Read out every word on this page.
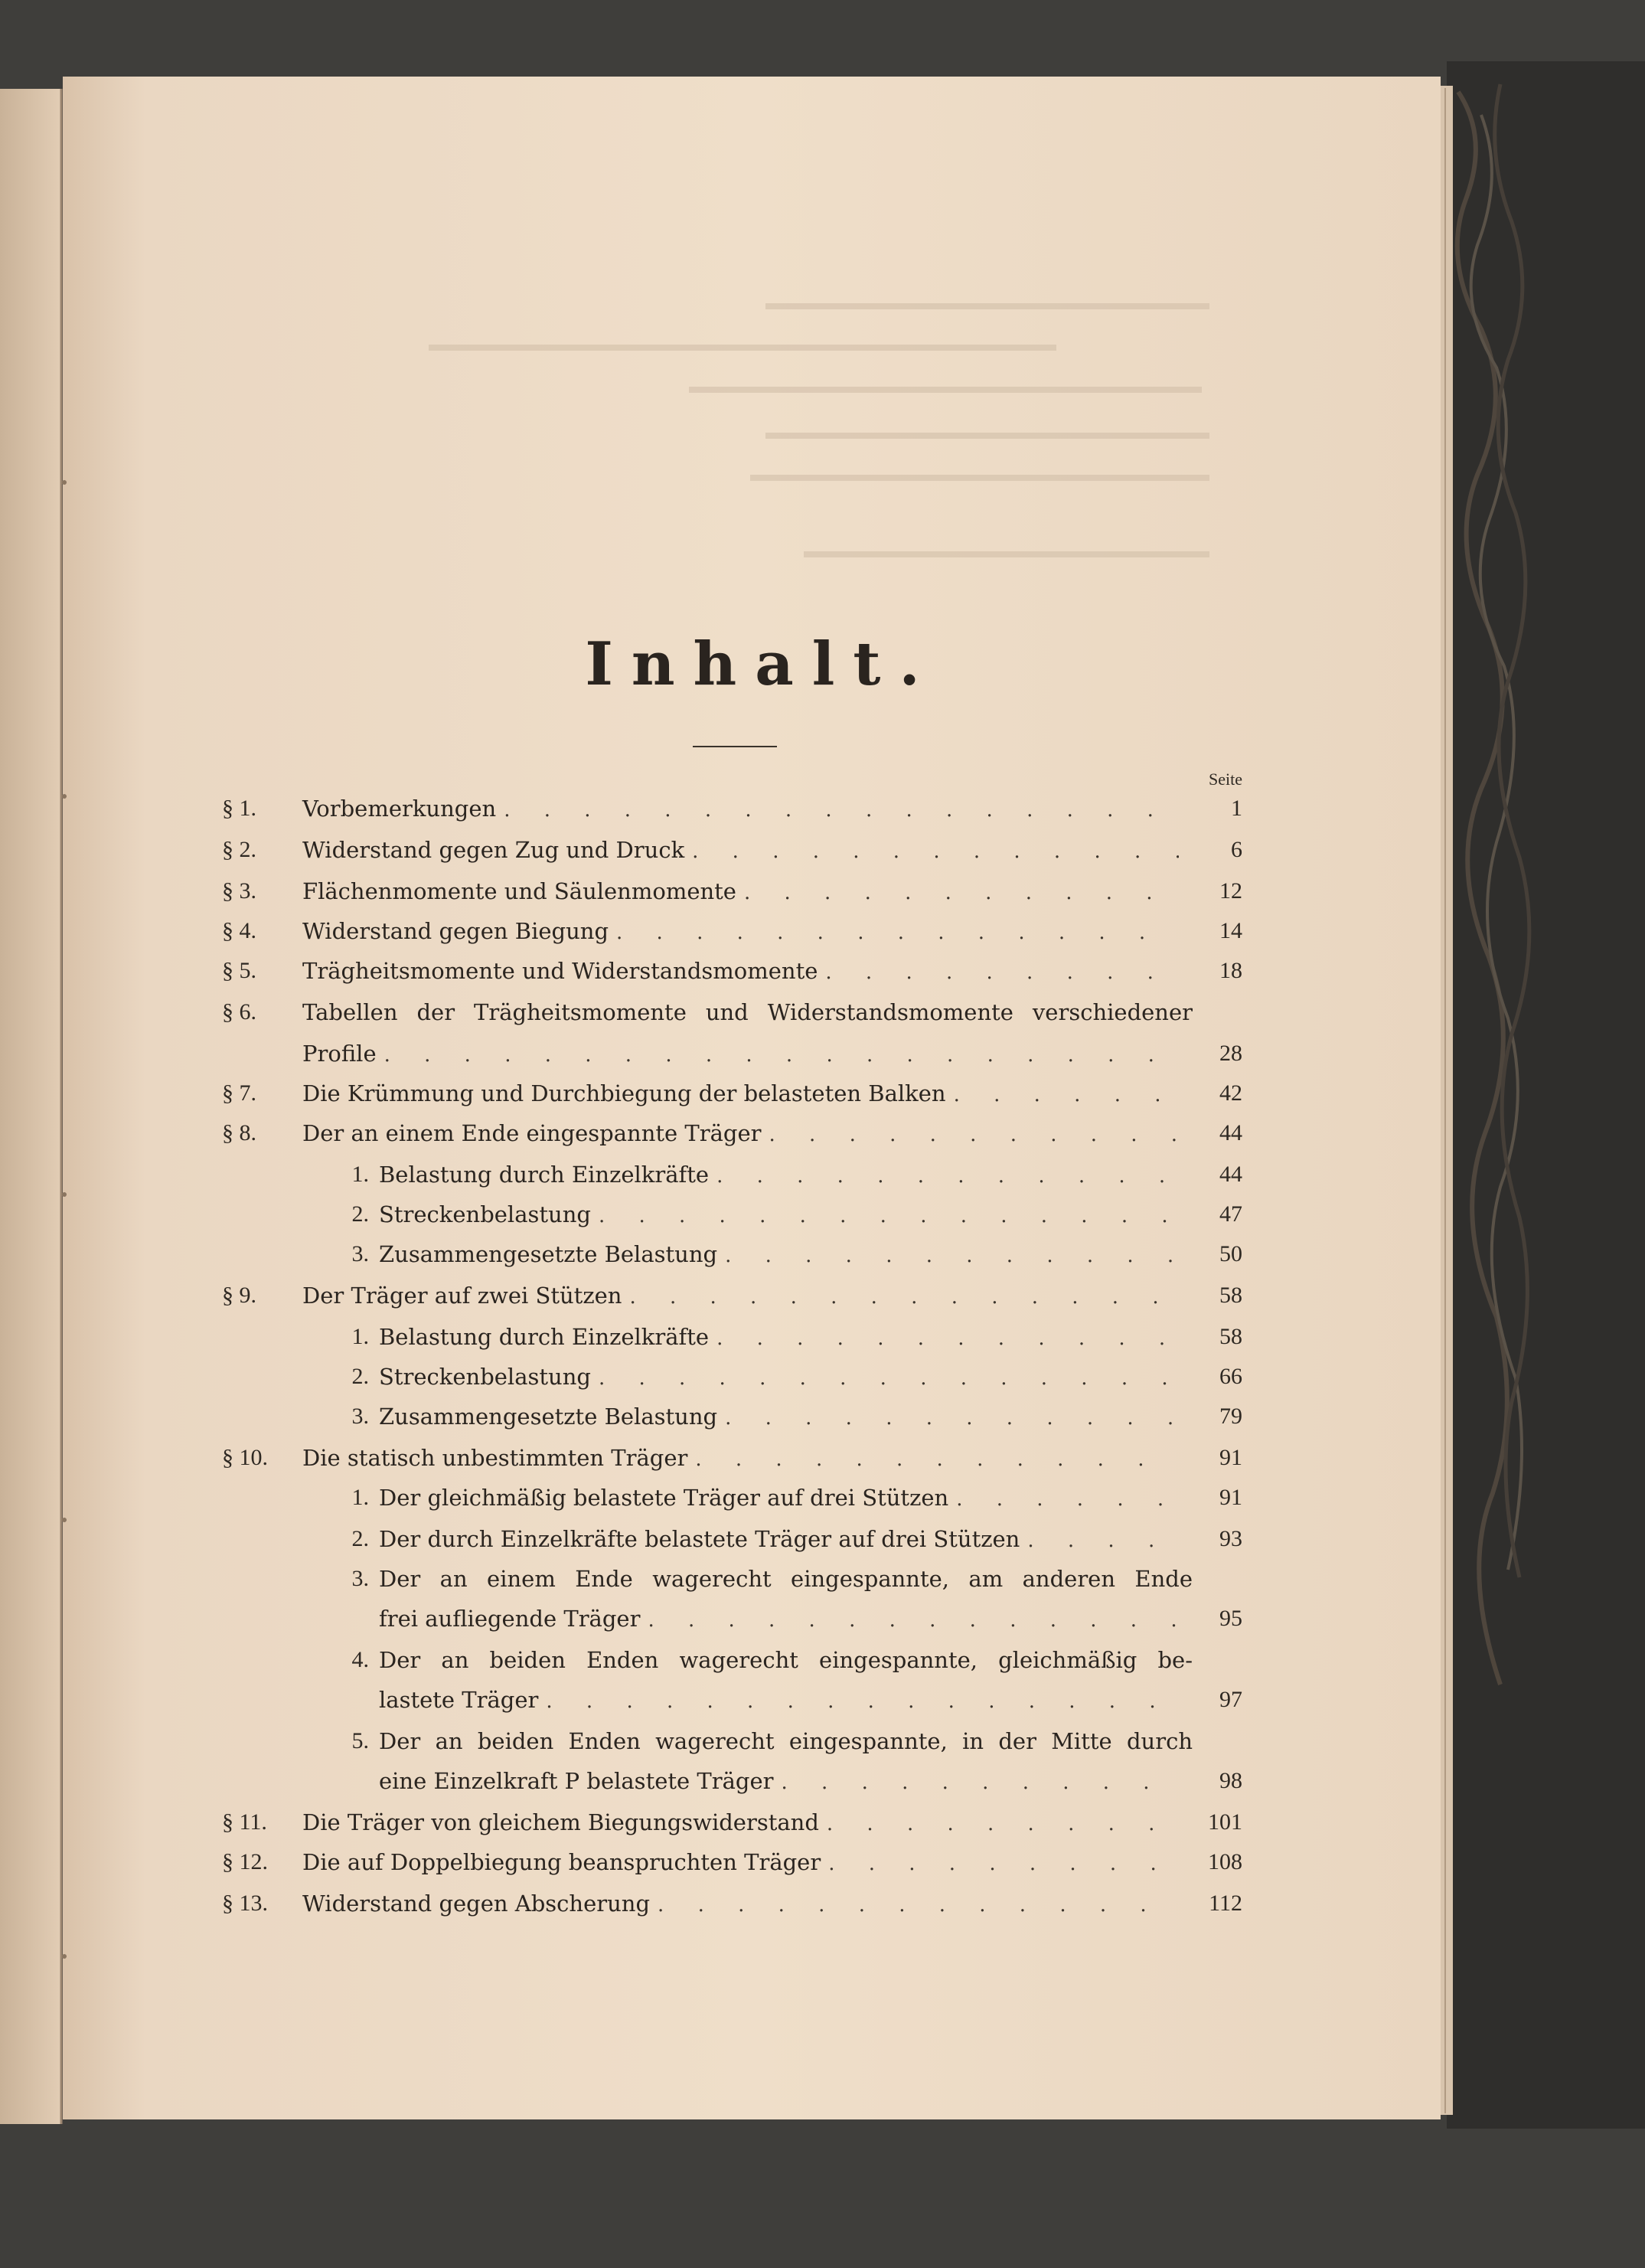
Inhalt.
Seite
§ 1.	Vorbemerkungen . . .	1
§ 2.	Widerstand gegen Zug und Druck . . .	6
§ 3.	Flächenmomente und Säulenmomente . . .	12
§ 4.	Widerstand gegen Biegung . . .	14
§ 5.	Trägheitsmomente und Widerstandsmomente . . .	18
§ 6.	Tabellen der Trägheitsmomente und Widerstandsmomente verschiedener
Profile . . .	28
§ 7.	Die Krümmung und Durchbiegung der belasteten Balken . . .	42
§ 8.	Der an einem Ende eingespannte Träger . . .	44
1. Belastung durch Einzelkräfte . . .	44
2. Streckenbelastung . . .	47
3. Zusammengesetzte Belastung . . .	50
§ 9.	Der Träger auf zwei Stützen . . .	58
1. Belastung durch Einzelkräfte . . .	58
2. Streckenbelastung . . .	66
3. Zusammengesetzte Belastung . . .	79
§ 10.	Die statisch unbestimmten Träger . . .	91
1. Der gleichmäßig belastete Träger auf drei Stützen . . .	91
2. Der durch Einzelkräfte belastete Träger auf drei Stützen . . .	93
3. Der an einem Ende wagerecht eingespannte, am anderen Ende
frei aufliegende Träger . . .	95
4. Der an beiden Enden wagerecht eingespannte, gleichmäßig be-
lastete Träger . . .	97
5. Der an beiden Enden wagerecht eingespannte, in der Mitte durch
eine Einzelkraft P belastete Träger . . .	98
§ 11.	Die Träger von gleichem Biegungswiderstand . . .	101
§ 12.	Die auf Doppelbiegung beanspruchten Träger . . .	108
§ 13.	Widerstand gegen Abscherung . . .	112
